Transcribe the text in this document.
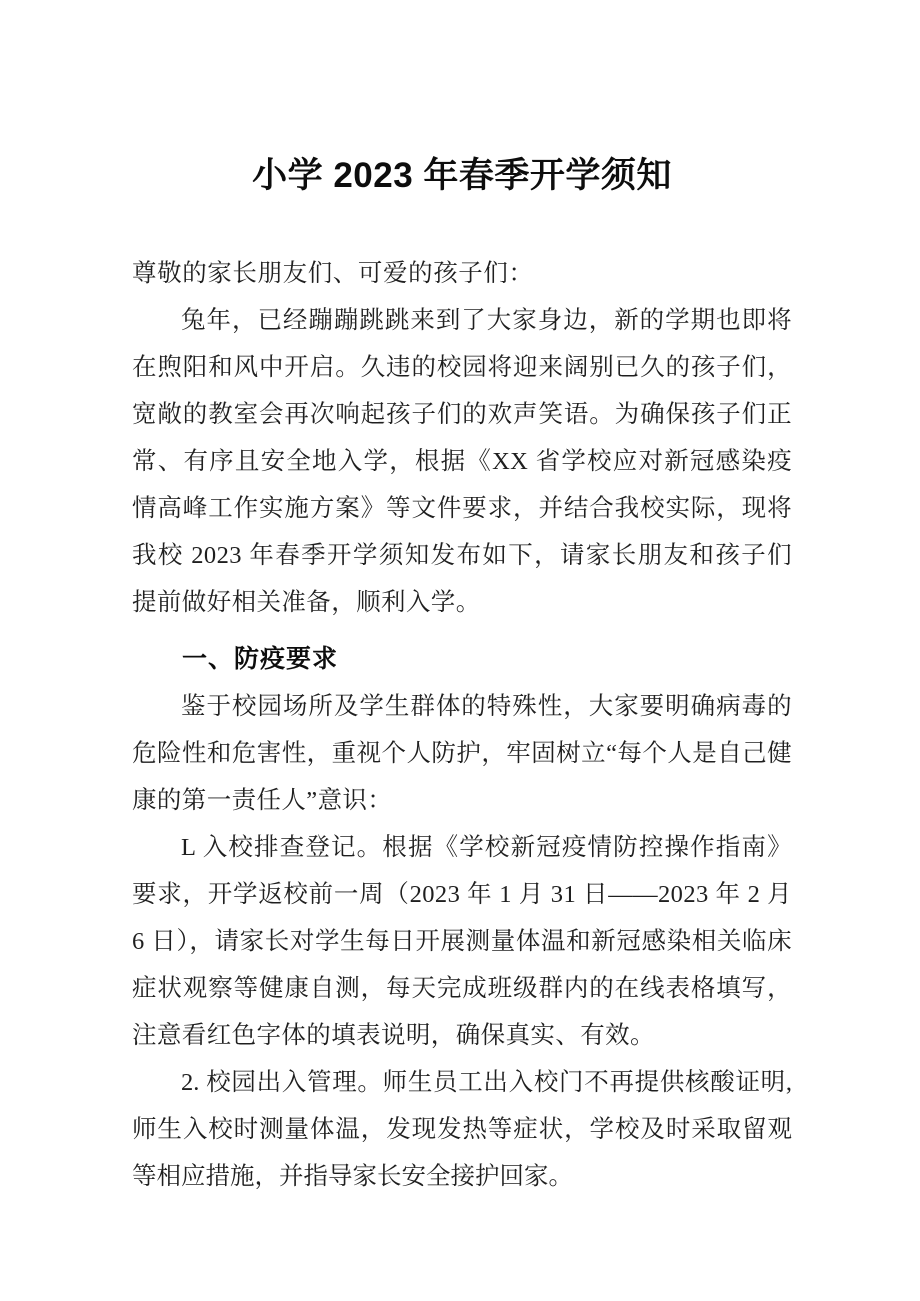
小学 2023 年春季开学须知

尊敬的家长朋友们、可爱的孩子们：

兔年，已经蹦蹦跳跳来到了大家身边，新的学期也即将在煦阳和风中开启。久违的校园将迎来阔别已久的孩子们，宽敞的教室会再次响起孩子们的欢声笑语。为确保孩子们正常、有序且安全地入学，根据《XX 省学校应对新冠感染疫情高峰工作实施方案》等文件要求，并结合我校实际，现将我校 2023 年春季开学须知发布如下，请家长朋友和孩子们提前做好相关准备，顺利入学。

一、防疫要求

鉴于校园场所及学生群体的特殊性，大家要明确病毒的危险性和危害性，重视个人防护，牢固树立“每个人是自己健康的第一责任人”意识：

L 入校排查登记。根据《学校新冠疫情防控操作指南》要求，开学返校前一周（2023 年 1 月 31 日——2023 年 2 月 6 日），请家长对学生每日开展测量体温和新冠感染相关临床症状观察等健康自测，每天完成班级群内的在线表格填写，注意看红色字体的填表说明，确保真实、有效。

2. 校园出入管理。师生员工出入校门不再提供核酸证明,师生入校时测量体温，发现发热等症状，学校及时采取留观等相应措施，并指导家长安全接护回家。
